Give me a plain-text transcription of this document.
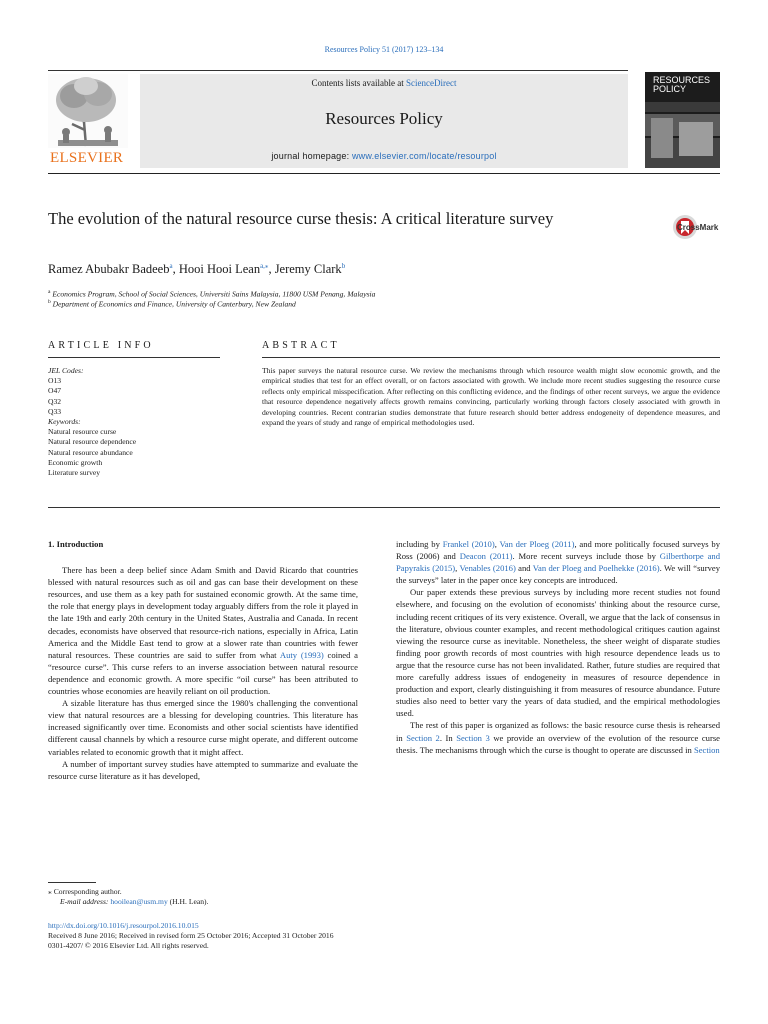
Resources Policy 51 (2017) 123–134
ELSEVIER
Contents lists available at ScienceDirect
Resources Policy
journal homepage: www.elsevier.com/locate/resourpol
RESOURCES
POLICY
The evolution of the natural resource curse thesis: A critical literature survey	CrossMark
Ramez Abubakr Badeeb$^a$, Hooi Hooi Lean$^{a,⁎}$, Jeremy Clark$^b$
$^a$ Economics Program, School of Social Sciences, Universiti Sains Malaysia, 11800 USM Penang, Malaysia
$^b$ Department of Economics and Finance, University of Canterbury, New Zealand
ARTICLE INFO	ABSTRACT
JEL Codes:
O13
O47
Q32
Q33
Keywords:
Natural resource curse
Natural resource dependence
Natural resource abundance
Economic growth
Literature survey
This paper surveys the natural resource curse. We review the mechanisms through which resource wealth might slow economic growth, and the empirical studies that test for an effect overall, or on factors associated with growth. We include more recent studies suggesting the resource curse reflects only empirical misspecification. After reflecting on this conflicting evidence, and the findings of other recent surveys, we argue the evidence that resource dependence negatively affects growth remains convincing, particularly working through factors closely associated with growth in developing countries. Recent contrarian studies demonstrate that future research should better address endogeneity of dependence measures, and expand the years of study and range of empirical methodologies used.
1. Introduction

There has been a deep belief since Adam Smith and David Ricardo that countries blessed with natural resources such as oil and gas can base their development on these resources, and use them as a key path for sustained economic growth. At the same time, the role that energy plays in development today arguably differs from the role it played in the late 19th and early 20th century in the United States, Australia and Canada. In recent decades, economists have observed that resource-rich nations, especially in Africa, Latin America and the Middle East tend to grow at a slower rate than countries with fewer natural resources. These countries are said to suffer from what Auty (1993) coined a “resource curse”. This curse refers to an inverse association between natural resource dependence and economic growth. A more specific “oil curse” has been attributed to countries whose economies are heavily reliant on oil production.

A sizable literature has thus emerged since the 1980's challenging the conventional view that natural resources are a blessing for developing countries. This literature has increased significantly over time. Economists and other social scientists have identified different causal channels by which a resource curse might operate, and different outcome variables related to economic growth that it might affect.

A number of important survey studies have attempted to summarize and evaluate the resource curse literature as it has developed,

including by Frankel (2010), Van der Ploeg (2011), and more politically focused surveys by Ross (2006) and Deacon (2011). More recent surveys include those by Gilberthorpe and Papyrakis (2015), Venables (2016) and Van der Ploeg and Poelhekke (2016). We will “survey the surveys” later in the paper once key concepts are introduced.

Our paper extends these previous surveys by including more recent studies not found elsewhere, and focusing on the evolution of economists' thinking about the resource curse, including recent critiques of its very existence. Overall, we argue that the lack of consensus in the literature, obvious counter examples, and recent methodological critiques caution against viewing the resource curse as inevitable. Nonetheless, the sheer weight of disparate studies finding poor growth records of most countries with high resource dependence leads us to argue that the resource curse has not been invalidated. Rather, future studies are required that more carefully address issues of endogeneity in measures of resource dependence in production and export, clearly distinguishing it from measures of resource abundance. Future studies also need to better vary the years of data studied, and the empirical methodologies used.

The rest of this paper is organized as follows: the basic resource curse thesis is rehearsed in Section 2. In Section 3 we provide an overview of the evolution of the resource curse thesis. The mechanisms through which the curse is thought to operate are discussed in Section

⁎ Corresponding author.
E-mail address: hooilean@usm.my (H.H. Lean).
http://dx.doi.org/10.1016/j.resourpol.2016.10.015
Received 8 June 2016; Received in revised form 25 October 2016; Accepted 31 October 2016
0301-4207/ © 2016 Elsevier Ltd. All rights reserved.
